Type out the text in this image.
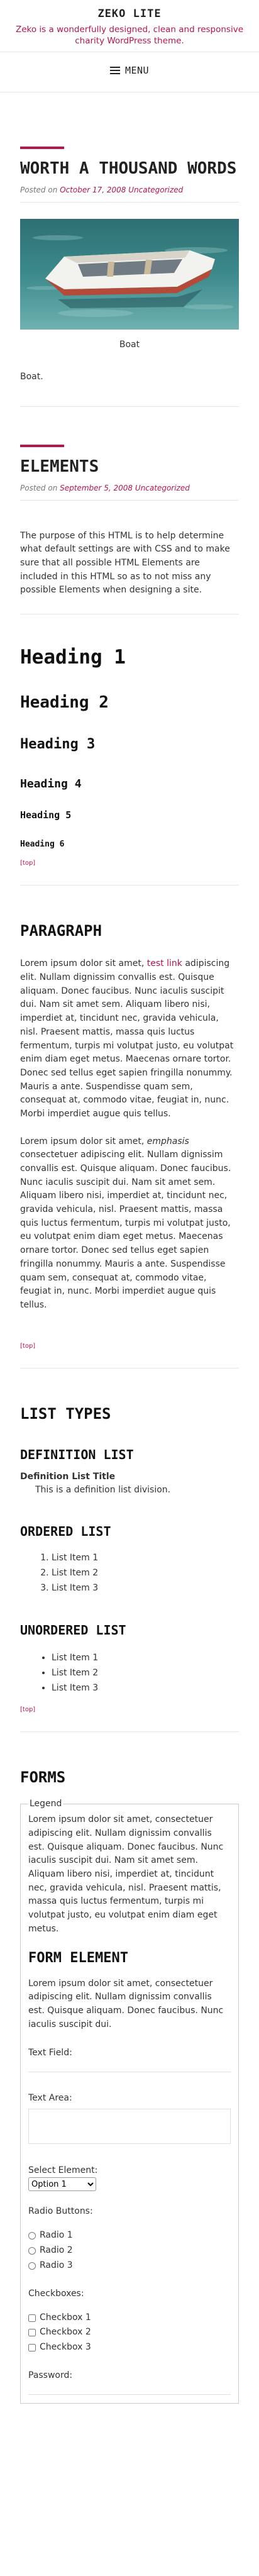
ZEKO LITE
Zeko is a wonderfully designed, clean and responsive charity WordPress theme.
MENU
WORTH A THOUSAND WORDS
Posted on October 17, 2008 Uncategorized
Boat

Boat.

ELEMENTS
Posted on September 5, 2008 Uncategorized

The purpose of this HTML is to help determine what default settings are with CSS and to make sure that all possible HTML Elements are included in this HTML so as to not miss any possible Elements when designing a site.

Heading 1
Heading 2
Heading 3
Heading 4
Heading 5
Heading 6
[top]
PARAGRAPH

Lorem ipsum dolor sit amet, test link adipiscing elit. Nullam dignissim convallis est. Quisque aliquam. Donec faucibus. Nunc iaculis suscipit dui. Nam sit amet sem. Aliquam libero nisi, imperdiet at, tincidunt nec, gravida vehicula, nisl. Praesent mattis, massa quis luctus fermentum, turpis mi volutpat justo, eu volutpat enim diam eget metus. Maecenas ornare tortor. Donec sed tellus eget sapien fringilla nonummy. Mauris a ante. Suspendisse quam sem, consequat at, commodo vitae, feugiat in, nunc. Morbi imperdiet augue quis tellus.

Lorem ipsum dolor sit amet, emphasis consectetuer adipiscing elit. Nullam dignissim convallis est. Quisque aliquam. Donec faucibus. Nunc iaculis suscipit dui. Nam sit amet sem. Aliquam libero nisi, imperdiet at, tincidunt nec, gravida vehicula, nisl. Praesent mattis, massa quis luctus fermentum, turpis mi volutpat justo, eu volutpat enim diam eget metus. Maecenas ornare tortor. Donec sed tellus eget sapien fringilla nonummy. Mauris a ante. Suspendisse quam sem, consequat at, commodo vitae, feugiat in, nunc. Morbi imperdiet augue quis tellus.

[top]
LIST TYPES
DEFINITION LIST
Definition List Title
This is a definition list division.
ORDERED LIST
1. List Item 1
2. List Item 2
3. List Item 3
UNORDERED LIST
• List Item 1
• List Item 2
• List Item 3
[top]
FORMS
Legend

Lorem ipsum dolor sit amet, consectetuer adipiscing elit. Nullam dignissim convallis est. Quisque aliquam. Donec faucibus. Nunc iaculis suscipit dui. Nam sit amet sem. Aliquam libero nisi, imperdiet at, tincidunt nec, gravida vehicula, nisl. Praesent mattis, massa quis luctus fermentum, turpis mi volutpat justo, eu volutpat enim diam eget metus.

FORM ELEMENT

Lorem ipsum dolor sit amet, consectetuer adipiscing elit. Nullam dignissim convallis est. Quisque aliquam. Donec faucibus. Nunc iaculis suscipit dui.

Text Field:
Text Area:
Select Element:
Option 1
Radio Buttons:
Radio 1
Radio 2
Radio 3
Checkboxes:
Checkbox 1
Checkbox 2
Checkbox 3
Password:
